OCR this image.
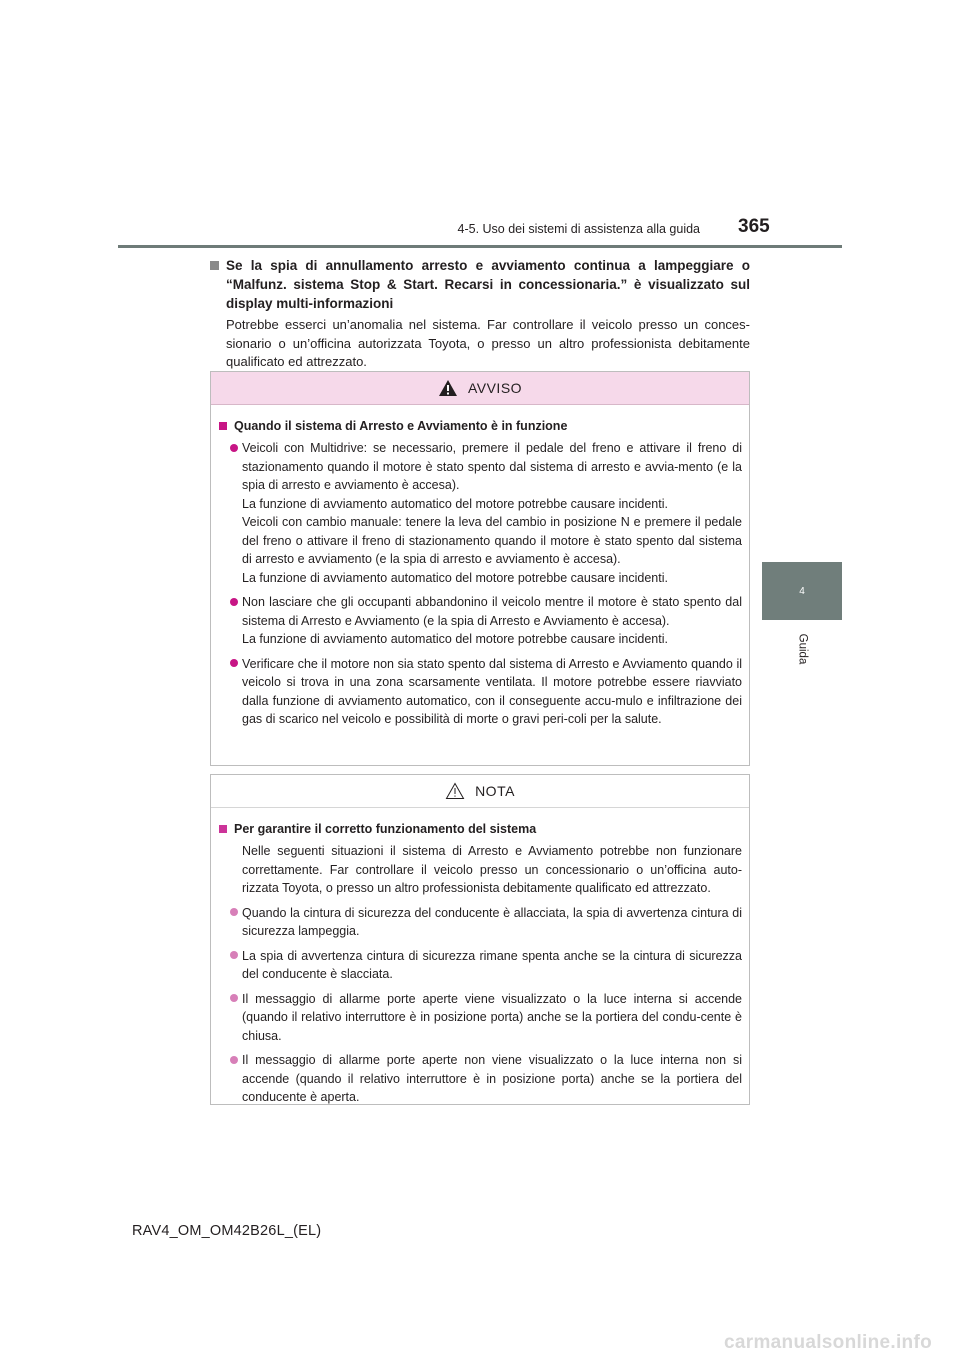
4-5. Uso dei sistemi di assistenza alla guida 365
4
Guida
Se la spia di annullamento arresto e avviamento continua a lampeggiare o “Malfunz. sistema Stop & Start. Recarsi in concessionaria.” è visualizzato sul display multi-informazioni
Potrebbe esserci un’anomalia nel sistema. Far controllare il veicolo presso un conces-sionario o un’officina autorizzata Toyota, o presso un altro professionista debitamente qualificato ed attrezzato.
AVVISO
Quando il sistema di Arresto e Avviamento è in funzione

Veicoli con Multidrive: se necessario, premere il pedale del freno e attivare il freno di stazionamento quando il motore è stato spento dal sistema di arresto e avvia-mento (e la spia di arresto e avviamento è accesa).

La funzione di avviamento automatico del motore potrebbe causare incidenti.

Veicoli con cambio manuale: tenere la leva del cambio in posizione N e premere il pedale del freno o attivare il freno di stazionamento quando il motore è stato spento dal sistema di arresto e avviamento (e la spia di arresto e avviamento è accesa).

La funzione di avviamento automatico del motore potrebbe causare incidenti.

Non lasciare che gli occupanti abbandonino il veicolo mentre il motore è stato spento dal sistema di Arresto e Avviamento (e la spia di Arresto e Avviamento è accesa).

La funzione di avviamento automatico del motore potrebbe causare incidenti.

Verificare che il motore non sia stato spento dal sistema di Arresto e Avviamento quando il veicolo si trova in una zona scarsamente ventilata. Il motore potrebbe essere riavviato dalla funzione di avviamento automatico, con il conseguente accu-mulo e infiltrazione dei gas di scarico nel veicolo e possibilità di morte o gravi peri-coli per la salute.

NOTA
Per garantire il corretto funzionamento del sistema
Nelle seguenti situazioni il sistema di Arresto e Avviamento potrebbe non funzionare correttamente. Far controllare il veicolo presso un concessionario o un’officina auto-rizzata Toyota, o presso un altro professionista debitamente qualificato ed attrezzato.

Quando la cintura di sicurezza del conducente è allacciata, la spia di avvertenza cintura di sicurezza lampeggia.

La spia di avvertenza cintura di sicurezza rimane spenta anche se la cintura di sicurezza del conducente è slacciata.

Il messaggio di allarme porte aperte viene visualizzato o la luce interna si accende (quando il relativo interruttore è in posizione porta) anche se la portiera del condu-cente è chiusa.

Il messaggio di allarme porte aperte non viene visualizzato o la luce interna non si accende (quando il relativo interruttore è in posizione porta) anche se la portiera del conducente è aperta.

RAV4_OM_OM42B26L_(EL)
carmanualsonline.info
